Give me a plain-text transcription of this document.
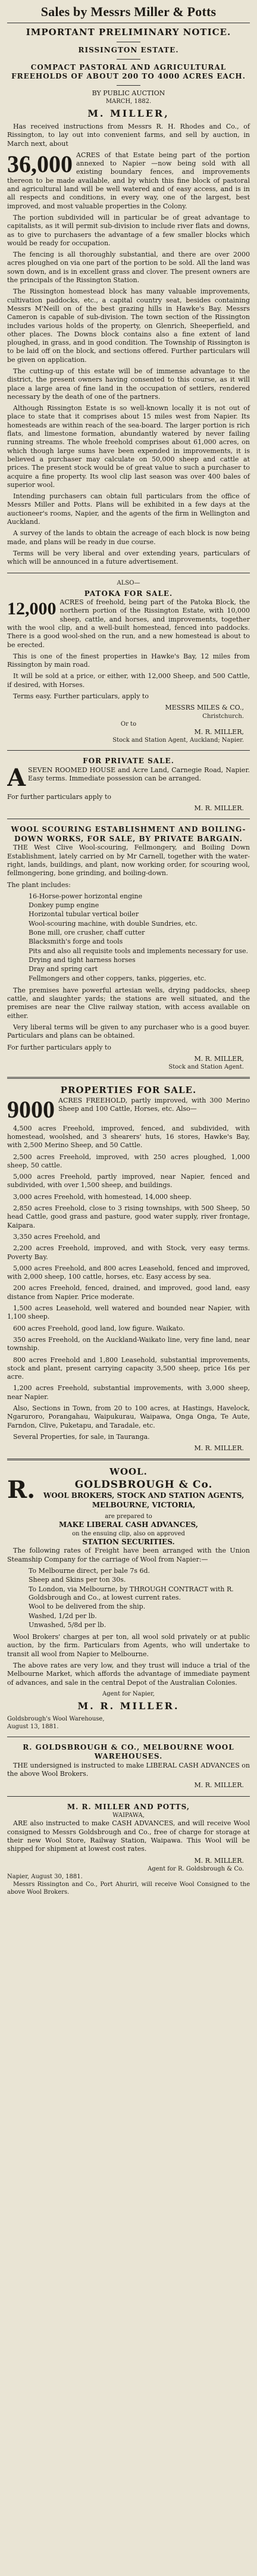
Sales by Messrs Miller & Potts
IMPORTANT PRELIMINARY NOTICE.
RISSINGTON ESTATE.
COMPACT PASTORAL AND AGRICULTURAL FREEHOLDS OF ABOUT 200 TO 4000 ACRES EACH.
BY PUBLIC AUCTION
MARCH, 1882.
M. MILLER,

Has received instructions from Messrs R. H. Rhodes and Co., of Rissington, to lay out into convenient farms, and sell by auction, in March next, about

36,000 ACRES of that Estate being part of the portion annexed to Napier —now being sold with all existing boundary fences, and improvements thereon to be made available, and by which this fine block of pastoral and agricultural land will be well watered and of easy access, and is in all respects and conditions, in every way, one of the largest, best improved, and most valuable properties in the Colony.

The portion subdivided will in particular be of great advantage to capitalists, as it will permit sub-division to include river flats and downs, as to give to purchasers the advantage of a few smaller blocks which would be ready for occupation.

The fencing is all thoroughly substantial, and there are over 2000 acres ploughed on via one part of the portion to be sold. All the land was sown down, and is in excellent grass and clover. The present owners are the principals of the Rissington Station.

The Rissington homestead block has many valuable improvements, cultivation paddocks, etc., a capital country seat, besides containing Messrs M'Neill on of the best grazing hills in Hawke's Bay. Messrs Cameron is capable of sub-division. The town section of the Rissington includes various holds of the property, on Glenrich, Sheeperfield, and other places. The Downs block contains also a fine extent of land ploughed, in grass, and in good condition. The Township of Rissington is to be laid off on the block, and sections offered. Further particulars will be given on application.

The cutting-up of this estate will be of immense advantage to the district, the present owners having consented to this course, as it will place a large area of fine land in the occupation of settlers, rendered necessary by the death of one of the partners.

Although Rissington Estate is so well-known locally it is not out of place to state that it comprises about 15 miles west from Napier. Its homesteads are within reach of the sea-board. The larger portion is rich flats, and limestone formation, abundantly watered by never failing running streams. The whole freehold comprises about 61,000 acres, on which though large sums have been expended in improvements, it is believed a purchaser may calculate on 50,000 sheep and cattle at prices. The present stock would be of great value to such a purchaser to acquire a fine property. Its wool clip last season was over 400 bales of superior wool.

Intending purchasers can obtain full particulars from the office of Messrs Miller and Potts. Plans will be exhibited in a few days at the auctioneer's rooms, Napier, and the agents of the firm in Wellington and Auckland.

A survey of the lands to obtain the acreage of each block is now being made, and plans will be ready in due course.

Terms will be very liberal and over extending years, particulars of which will be announced in a future advertisement.

ALSO—
PATOKA FOR SALE.
12,000 ACRES of freehold, being part of the Patoka Block, the northern portion of the Rissington Estate, with 10,000 sheep, cattle, and horses, and improvements, together with the wool clip, and a well-built homestead, fenced into paddocks. There is a good wool-shed on the run, and a new homestead is about to be erected.

This is one of the finest properties in Hawke's Bay, 12 miles from Rissington by main road.

It will be sold at a price, or either, with 12,000 Sheep, and 500 Cattle, if desired, with Horses.

Terms easy. Further particulars, apply to

MESSRS MILES & CO.,
Christchurch.
Or to
M. R. MILLER,
Stock and Station Agent, Auckland; Napier.
FOR PRIVATE SALE.
A SEVEN ROOMED HOUSE and Acre Land, Carnegie Road, Napier. Easy terms. Immediate possession can be arranged.

For further particulars apply to

M. R. MILLER.
WOOL SCOURING ESTABLISHMENT AND BOILING-DOWN WORKS, FOR SALE, BY PRIVATE BARGAIN.

THE West Clive Wool-scouring, Fellmongery, and Boiling Down Establishment, lately carried on by Mr Carnell, together with the water-right, lands, buildings, and plant, now working order, for scouring wool, fellmongering, bone grinding, and boiling-down.

The plant includes:

16-Horse-power horizontal engine
Donkey pump engine
Horizontal tubular vertical boiler
Wool-scouring machine, with double Sundries, etc.
Bone mill, ore crusher, chaff cutter
Blacksmith's forge and tools
Pits and also all requisite tools and implements necessary for use.
Drying and tight harness horses
Dray and spring cart
Fellmongers and other coppers, tanks, piggeries, etc.

The premises have powerful artesian wells, drying paddocks, sheep cattle, and slaughter yards; the stations are well situated, and the premises are near the Clive railway station, with access available on either.

Very liberal terms will be given to any purchaser who is a good buyer. Particulars and plans can be obtained.

For further particulars apply to

M. R. MILLER,
Stock and Station Agent.
PROPERTIES FOR SALE.
9000 ACRES FREEHOLD, partly improved, with 300 Merino Sheep and 100 Cattle, Horses, etc. Also—

4,500 acres Freehold, improved, fenced, and subdivided, with homestead, woolshed, and 3 shearers' huts, 16 stores, Hawke's Bay, with 2,500 Merino Sheep, and 50 Cattle.

2,500 acres Freehold, improved, with 250 acres ploughed, 1,000 sheep, 50 cattle.

5,000 acres Freehold, partly improved, near Napier, fenced and subdivided, with over 1,500 sheep, and buildings.

3,000 acres Freehold, with homestead, 14,000 sheep.

2,850 acres Freehold, close to 3 rising townships, with 500 Sheep, 50 head Cattle, good grass and pasture, good water supply, river frontage, Kaipara.

3,350 acres Freehold, and

2,200 acres Freehold, improved, and with Stock, very easy terms. Poverty Bay.

5,000 acres Freehold, and 800 acres Leasehold, fenced and improved, with 2,000 sheep, 100 cattle, horses, etc. Easy access by sea.

200 acres Freehold, fenced, drained, and improved, good land, easy distance from Napier. Price moderate.

1,500 acres Leasehold, well watered and bounded near Napier, with 1,100 sheep.

600 acres Freehold, good land, low figure. Waikato.

350 acres Freehold, on the Auckland-Waikato line, very fine land, near township.

800 acres Freehold and 1,800 Leasehold, substantial improvements, stock and plant, present carrying capacity 3,500 sheep, price 16s per acre.

1,200 acres Freehold, substantial improvements, with 3,000 sheep, near Napier.

Also, Sections in Town, from 20 to 100 acres, at Hastings, Havelock, Ngaruroro, Porangahau, Waipukurau, Waipawa, Onga Onga, Te Aute, Farndon, Clive, Puketapu, and Taradale, etc.

Several Properties, for sale, in Tauranga.

M. R. MILLER.
WOOL.
R.	GOLDSBROUGH & Co.
WOOL BROKERS, STOCK AND STATION AGENTS, MELBOURNE, VICTORIA,
are prepared to
MAKE LIBERAL CASH ADVANCES,
on the ensuing clip, also on approved
STATION SECURITIES.

The following rates of Freight have been arranged with the Union Steamship Company for the carriage of Wool from Napier:—

To Melbourne direct, per bale 7s 6d.
Sheep and Skins per ton 30s.
To London, via Melbourne, by THROUGH CONTRACT with R. Goldsbrough and Co., at lowest current rates.
Wool to be delivered from the ship.
Washed, 1/2d per lb.
Unwashed, 5/8d per lb.

Wool Brokers' charges at per ton, all wool sold privately or at public auction, by the firm. Particulars from Agents, who will undertake to transit all wool from Napier to Melbourne.

The above rates are very low, and they trust will induce a trial of the Melbourne Market, which affords the advantage of immediate payment of advances, and sale in the central Depot of the Australian Colonies.

Agent for Napier,
M. R. MILLER.
Goldsbrough's Wool Warehouse,
August 13, 1881.
R. GOLDSBROUGH & CO., MELBOURNE WOOL WAREHOUSES.

THE undersigned is instructed to make LIBERAL CASH ADVANCES on the above Wool Brokers.

M. R. MILLER.
M. R. MILLER AND POTTS,
WAIPAWA,

ARE also instructed to make CASH ADVANCES, and will receive Wool consigned to Messrs Goldsbrough and Co., free of charge for storage at their new Wool Store, Railway Station, Waipawa. This Wool will be shipped for shipment at lowest cost rates.

M. R. MILLER.
Agent for R. Goldsbrough & Co.
Napier, August 30, 1881.

Messrs Rissington and Co., Port Ahuriri, will receive Wool Consigned to the above Wool Brokers.
